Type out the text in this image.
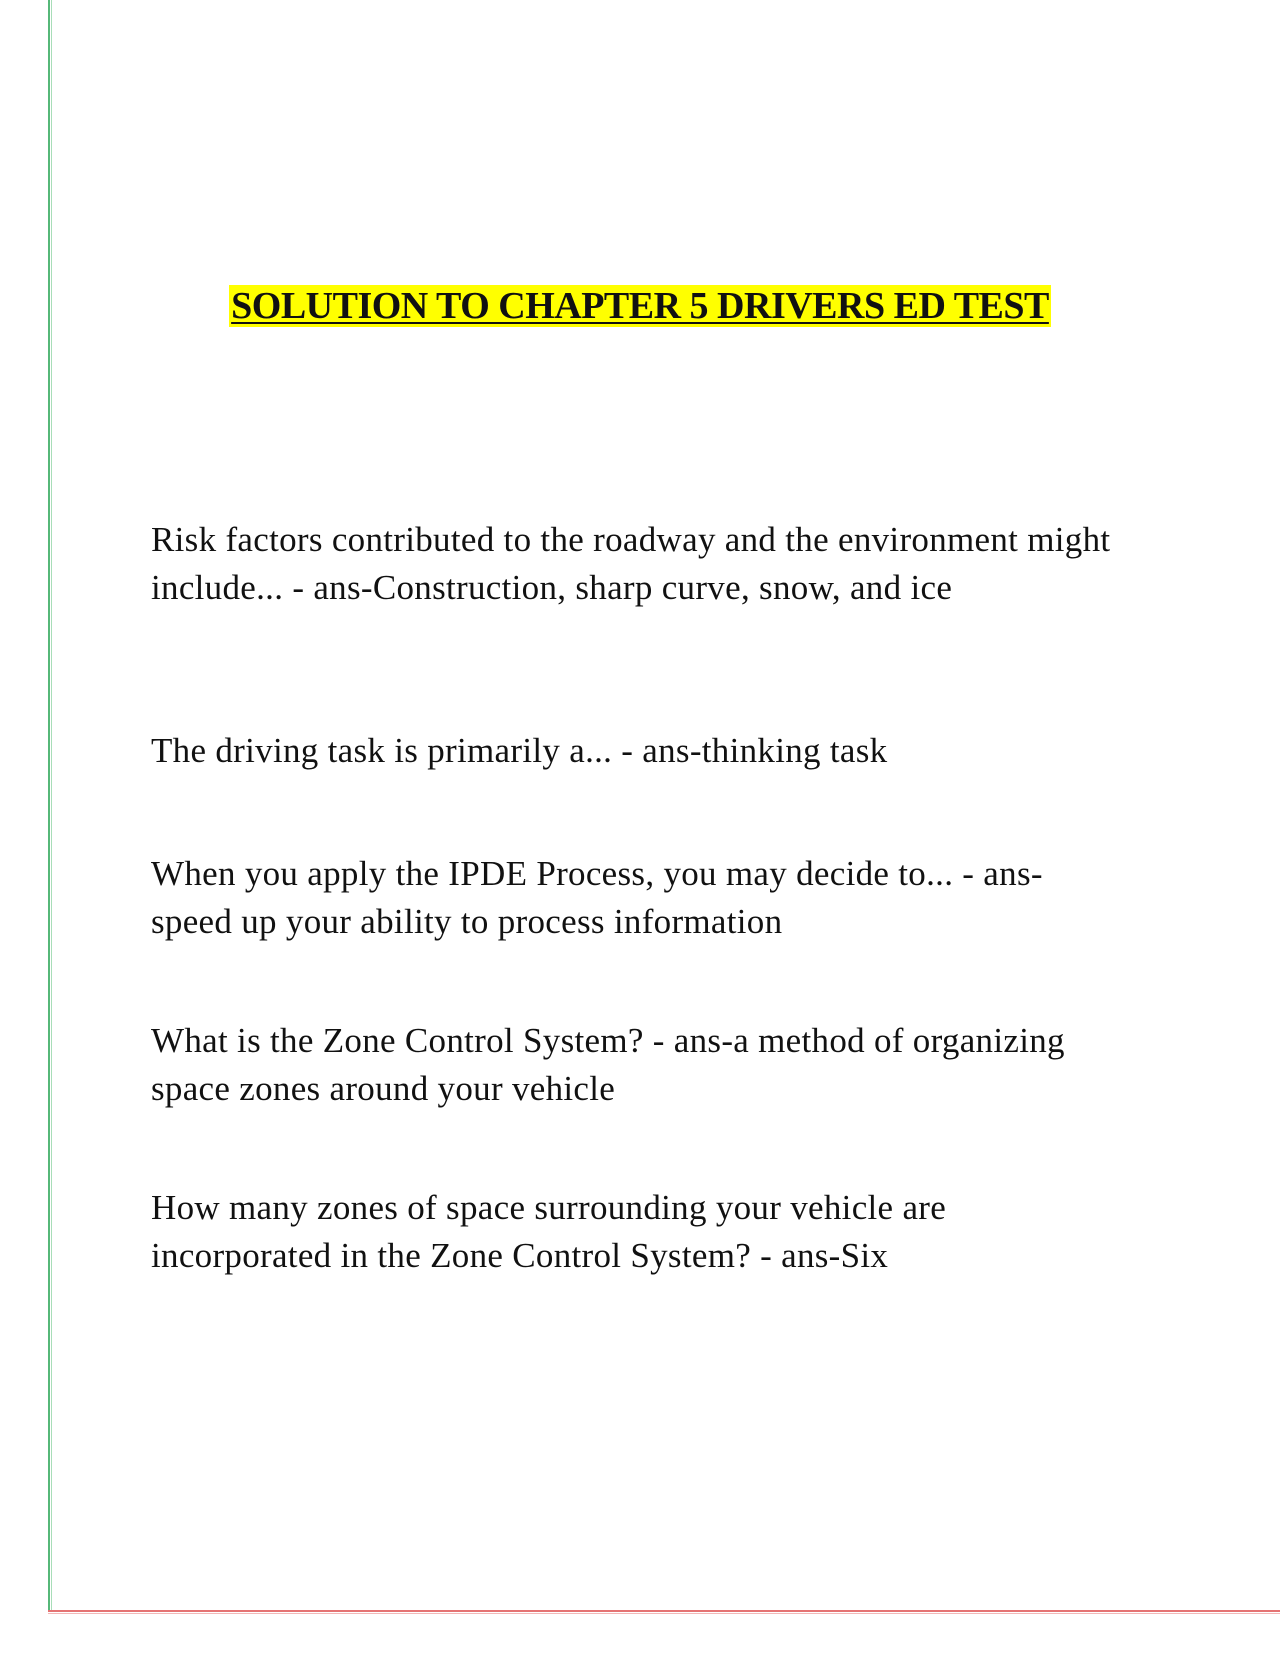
SOLUTION TO CHAPTER 5 DRIVERS ED TEST

Risk factors contributed to the roadway and the environment might include... - ans-Construction, sharp curve, snow, and ice

The driving task is primarily a... - ans-thinking task

When you apply the IPDE Process, you may decide to... - ans-speed up your ability to process information

What is the Zone Control System? - ans-a method of organizing space zones around your vehicle

How many zones of space surrounding your vehicle are incorporated in the Zone Control System? - ans-Six
